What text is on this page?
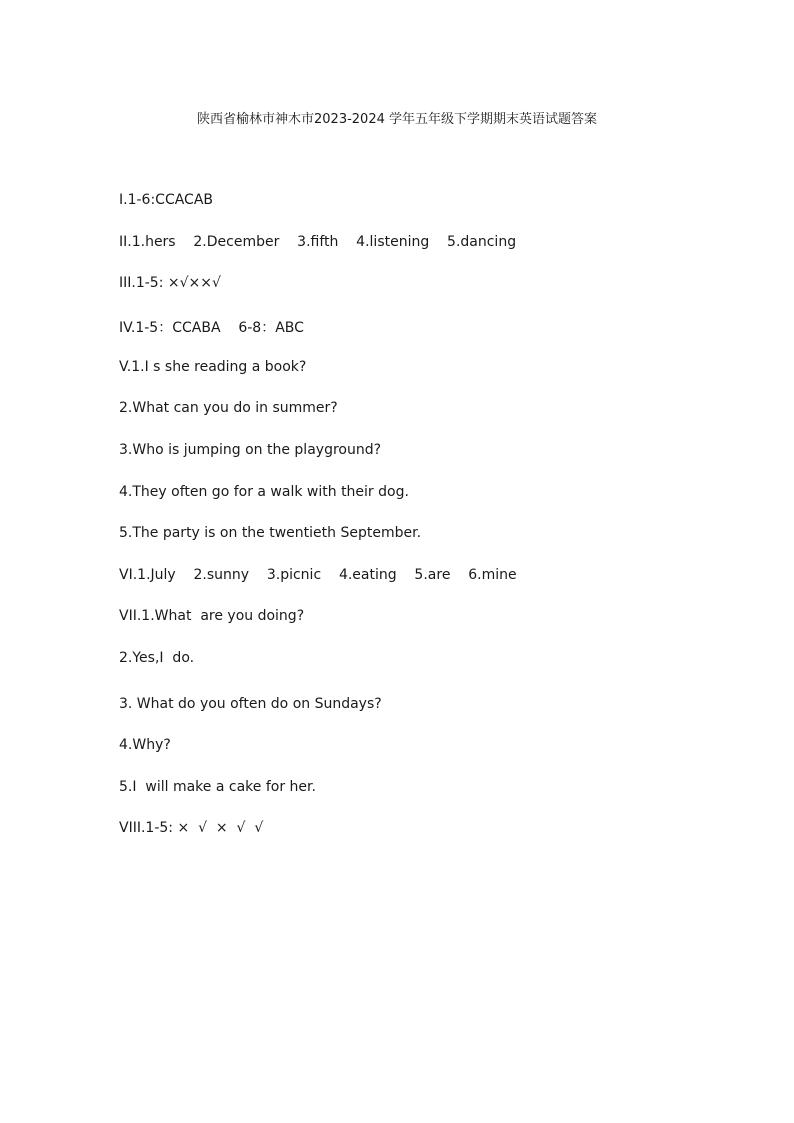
陕西省榆林市神木市2023-2024 学年五年级下学期期末英语试题答案
I.1-6:CCACAB
II.1.hers    2.December    3.fifth    4.listening    5.dancing
III.1-5: ×√××√
IV.1-5：CCABA    6-8：ABC
V.1.I s she reading a book?
2.What can you do in summer?
3.Who is jumping on the playground?
4.They often go for a walk with their dog.
5.The party is on the twentieth September.
VI.1.July    2.sunny    3.picnic    4.eating    5.are    6.mine
VII.1.What  are you doing?
2.Yes,I  do.
3. What do you often do on Sundays?
4.Why?
5.I  will make a cake for her.
VIII.1-5: ×  √  ×  √  √
